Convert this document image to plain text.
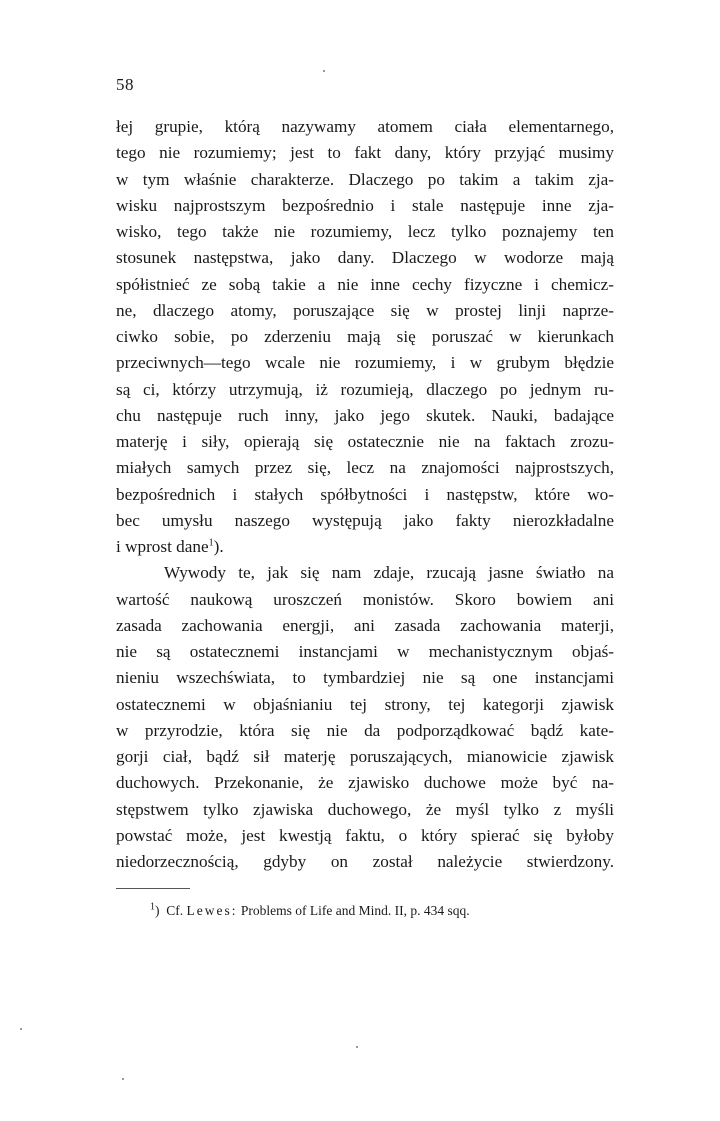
58
łej grupie, którą nazywamy atomem ciała elementarnego,
tego nie rozumiemy; jest to fakt dany, który przyjąć musimy
w tym właśnie charakterze. Dlaczego po takim a takim zja-
wisku najprostszym bezpośrednio i stale następuje inne zja-
wisko, tego także nie rozumiemy, lecz tylko poznajemy ten
stosunek następstwa, jako dany. Dlaczego w wodorze mają
spółistnieć ze sobą takie a nie inne cechy fizyczne i chemicz-
ne, dlaczego atomy, poruszające się w prostej linji naprze-
ciwko sobie, po zderzeniu mają się poruszać w kierunkach
przeciwnych—tego wcale nie rozumiemy, i w grubym błędzie
są ci, którzy utrzymują, iż rozumieją, dlaczego po jednym ru-
chu następuje ruch inny, jako jego skutek. Nauki, badające
materję i siły, opierają się ostatecznie nie na faktach zrozu-
miałych samych przez się, lecz na znajomości najprostszych,
bezpośrednich i stałych spółbytności i następstw, które wo-
bec umysłu naszego występują jako fakty nierozkładalne
i wprost dane$^1$).
Wywody te, jak się nam zdaje, rzucają jasne światło na
wartość naukową uroszczeń monistów. Skoro bowiem ani
zasada zachowania energji, ani zasada zachowania materji,
nie są ostatecznemi instancjami w mechanistycznym objaś-
nieniu wszechświata, to tymbardziej nie są one instancjami
ostatecznemi w objaśnianiu tej strony, tej kategorji zjawisk
w przyrodzie, która się nie da podporządkować bądź kate-
gorji ciał, bądź sił materję poruszających, mianowicie zjawisk
duchowych. Przekonanie, że zjawisko duchowe może być na-
stępstwem tylko zjawiska duchowego, że myśl tylko z myśli
powstać może, jest kwestją faktu, o który spierać się byłoby
niedorzecznością, gdyby on został należycie stwierdzony.
$^1$) Cf. Lewes: Problems of Life and Mind. II, p. 434 sqq.
